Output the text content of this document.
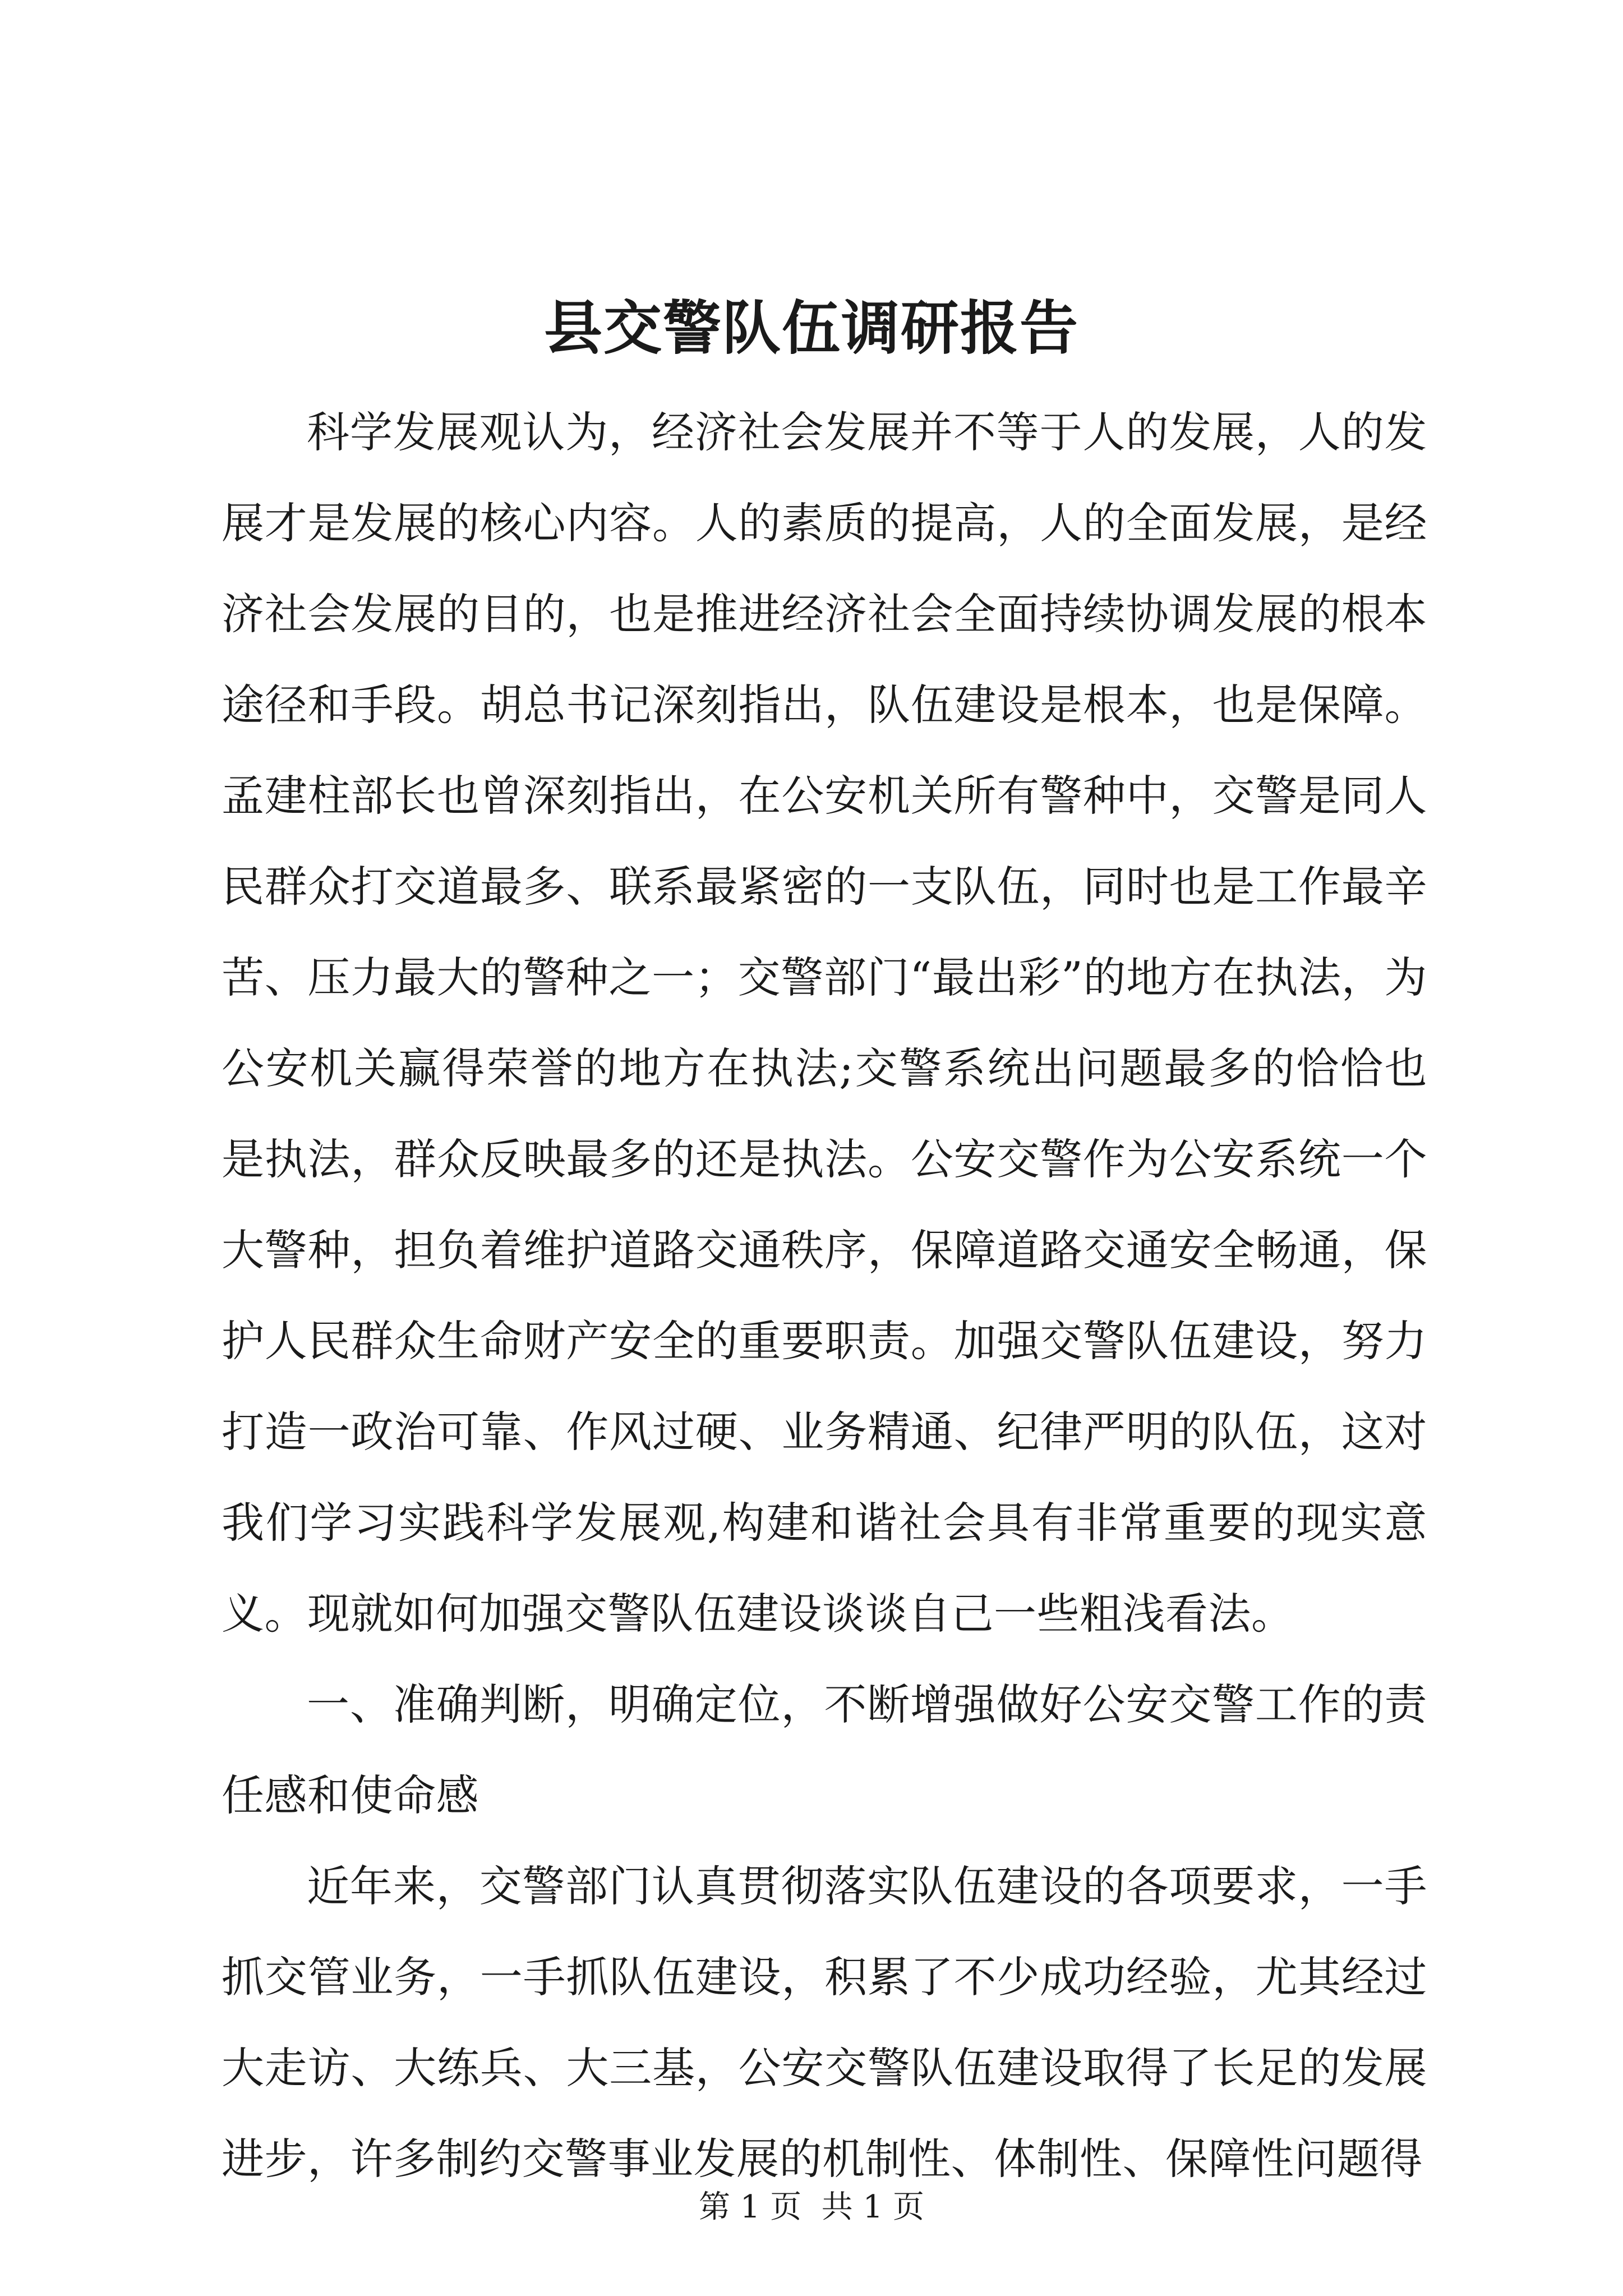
县交警队伍调研报告

科学发展观认为，经济社会发展并不等于人的发展，人的发展才是发展的核心内容。人的素质的提高，人的全面发展，是经济社会发展的目的，也是推进经济社会全面持续协调发展的根本途径和手段。胡总书记深刻指出，队伍建设是根本，也是保障。孟建柱部长也曾深刻指出，在公安机关所有警种中，交警是同人民群众打交道最多、联系最紧密的一支队伍，同时也是工作最辛苦、压力最大的警种之一；交警部门“最出彩”的地方在执法，为公安机关赢得荣誉的地方在执法;交警系统出问题最多的恰恰也是执法，群众反映最多的还是执法。公安交警作为公安系统一个大警种，担负着维护道路交通秩序，保障道路交通安全畅通，保护人民群众生命财产安全的重要职责。加强交警队伍建设，努力打造一政治可靠、作风过硬、业务精通、纪律严明的队伍，这对我们学习实践科学发展观,构建和谐社会具有非常重要的现实意义。现就如何加强交警队伍建设谈谈自己一些粗浅看法。

一、准确判断，明确定位，不断增强做好公安交警工作的责任感和使命感

近年来，交警部门认真贯彻落实队伍建设的各项要求，一手抓交管业务，一手抓队伍建设，积累了不少成功经验，尤其经过大走访、大练兵、大三基，公安交警队伍建设取得了长足的发展进步，许多制约交警事业发展的机制性、体制性、保障性问题得

第 1 页  共 1 页
